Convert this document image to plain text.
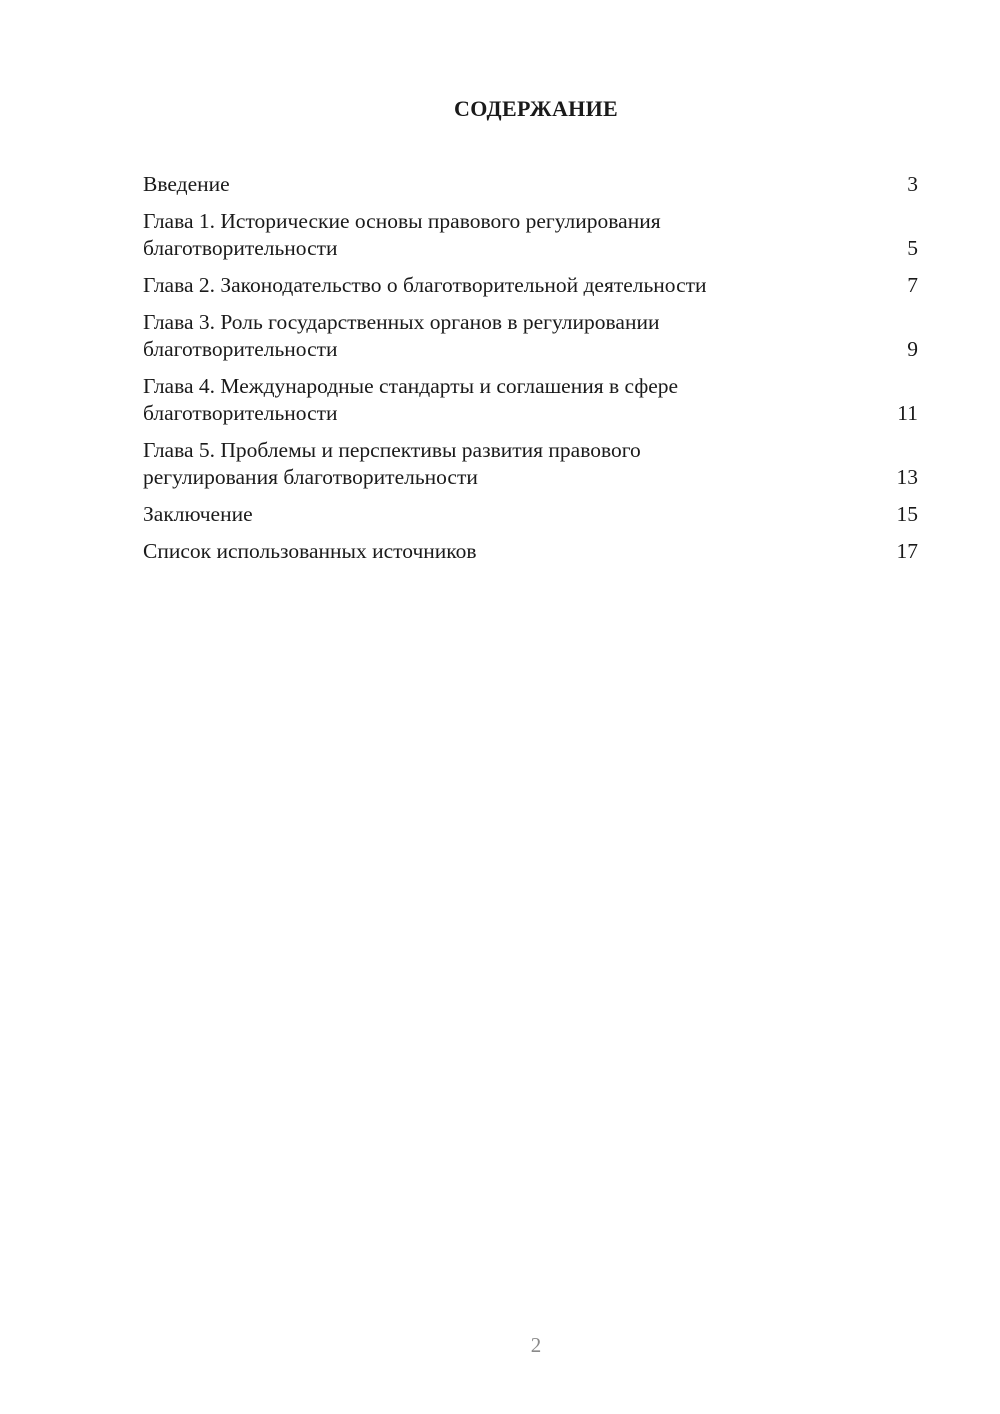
СОДЕРЖАНИЕ
Введение	3
Глава 1. Исторические основы правового регулирования благотворительности	5
Глава 2. Законодательство о благотворительной деятельности	7
Глава 3. Роль государственных органов в регулировании благотворительности	9
Глава 4. Международные стандарты и соглашения в сфере благотворительности	11
Глава 5. Проблемы и перспективы развития правового регулирования благотворительности	13
Заключение	15
Список использованных источников	17
2
